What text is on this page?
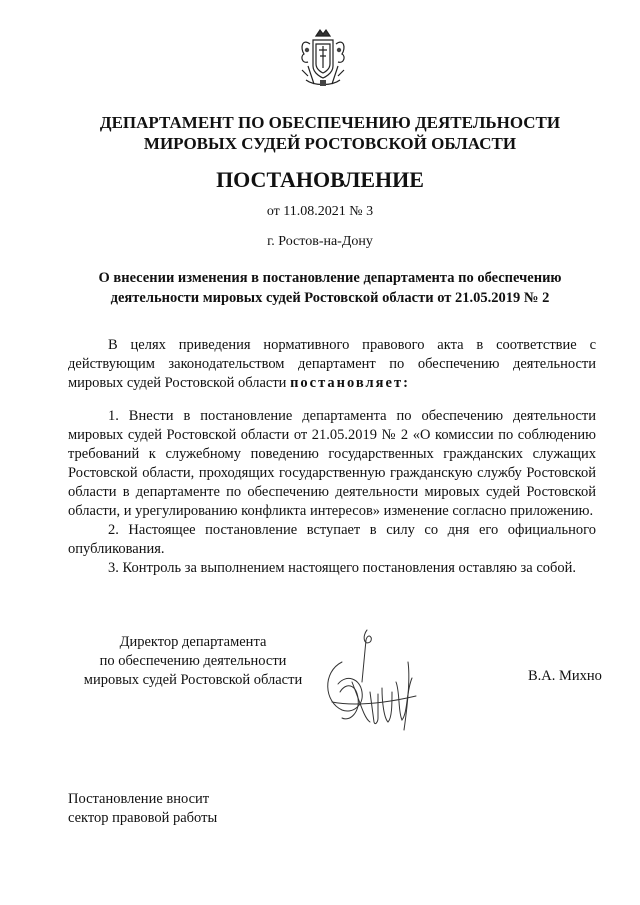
ДЕПАРТАМЕНТ ПО ОБЕСПЕЧЕНИЮ ДЕЯТЕЛЬНОСТИ
МИРОВЫХ СУДЕЙ РОСТОВСКОЙ ОБЛАСТИ
ПОСТАНОВЛЕНИЕ
от 11.08.2021 № 3
г. Ростов-на-Дону
О внесении изменения в постановление департамента по обеспечению
деятельности мировых судей Ростовской области от 21.05.2019 № 2

В целях приведения нормативного правового акта в соответствие с действующим законодательством департамент по обеспечению деятельности мировых судей Ростовской области постановляет:

1. Внести в постановление департамента по обеспечению деятельности мировых судей Ростовской области от 21.05.2019 № 2 «О комиссии по соблюдению требований к служебному поведению государственных гражданских служащих Ростовской области, проходящих государственную гражданскую службу Ростовской области в департаменте по обеспечению деятельности мировых судей Ростовской области, и урегулированию конфликта интересов» изменение согласно приложению.

2. Настоящее постановление вступает в силу со дня его официального опубликования.

3. Контроль за выполнением настоящего постановления оставляю за собой.

Директор департамента
по обеспечению деятельности
мировых судей Ростовской области	В.А. Михно
Постановление вносит
сектор правовой работы
